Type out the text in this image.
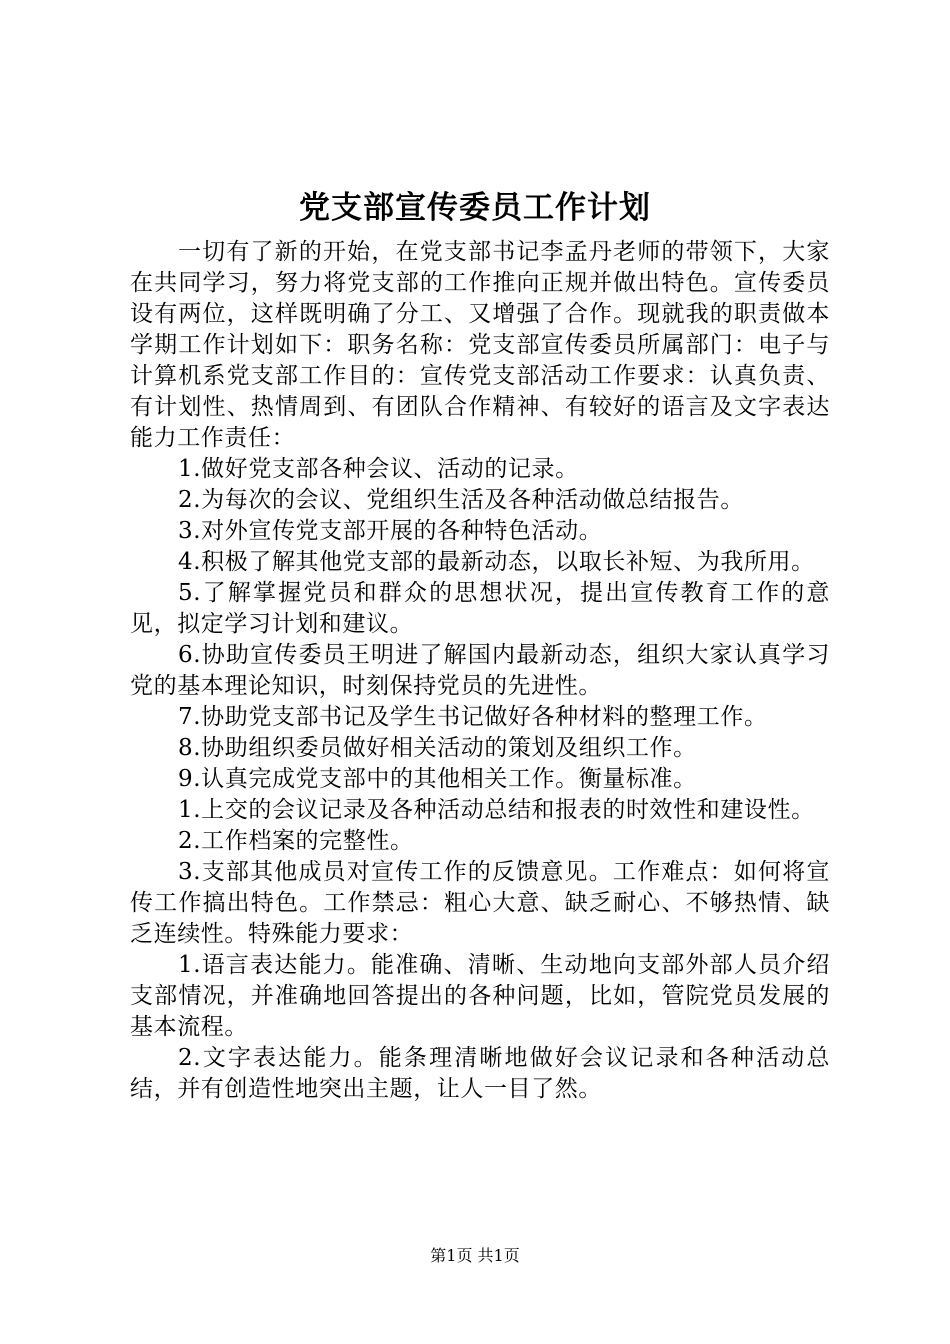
党支部宣传委员工作计划

一切有了新的开始，在党支部书记李孟丹老师的带领下，大家在共同学习，努力将党支部的工作推向正规并做出特色。宣传委员设有两位，这样既明确了分工、又增强了合作。现就我的职责做本学期工作计划如下：职务名称：党支部宣传委员所属部门：电子与计算机系党支部工作目的：宣传党支部活动工作要求：认真负责、有计划性、热情周到、有团队合作精神、有较好的语言及文字表达能力工作责任：

1.做好党支部各种会议、活动的记录。

2.为每次的会议、党组织生活及各种活动做总结报告。

3.对外宣传党支部开展的各种特色活动。

4.积极了解其他党支部的最新动态，以取长补短、为我所用。

5.了解掌握党员和群众的思想状况，提出宣传教育工作的意见，拟定学习计划和建议。

6.协助宣传委员王明进了解国内最新动态，组织大家认真学习党的基本理论知识，时刻保持党员的先进性。

7.协助党支部书记及学生书记做好各种材料的整理工作。

8.协助组织委员做好相关活动的策划及组织工作。

9.认真完成党支部中的其他相关工作。衡量标准。

1.上交的会议记录及各种活动总结和报表的时效性和建设性。

2.工作档案的完整性。

3.支部其他成员对宣传工作的反馈意见。工作难点：如何将宣传工作搞出特色。工作禁忌：粗心大意、缺乏耐心、不够热情、缺乏连续性。特殊能力要求：

1.语言表达能力。能准确、清晰、生动地向支部外部人员介绍支部情况，并准确地回答提出的各种问题，比如，管院党员发展的基本流程。

2.文字表达能力。能条理清晰地做好会议记录和各种活动总结，并有创造性地突出主题，让人一目了然。

第1页 共1页
